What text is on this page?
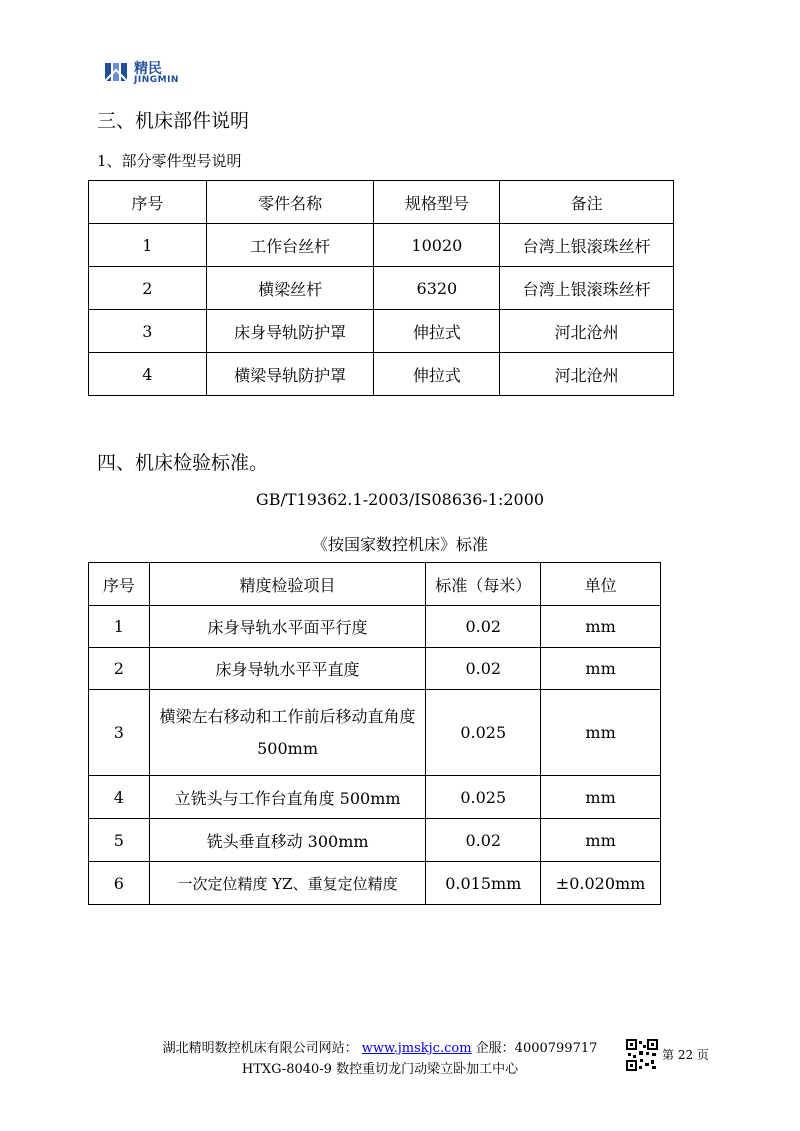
精民
JINGMIN
三、机床部件说明
1、部分零件型号说明
序号	零件名称	规格型号	备注
1	工作台丝杆	10020	台湾上银滚珠丝杆
2	横梁丝杆	6320	台湾上银滚珠丝杆
3	床身导轨防护罩	伸拉式	河北沧州
4	横梁导轨防护罩	伸拉式	河北沧州
四、机床检验标准。
GB/T19362.1-2003/IS08636-1:2000
《按国家数控机床》标准
序号	精度检验项目	标准（每米）	单位
1	床身导轨水平面平行度	0.02	mm
2	床身导轨水平平直度	0.02	mm
3	横梁左右移动和工作前后移动直角度 500mm	0.025	mm
4	立铣头与工作台直角度 500mm	0.025	mm
5	铣头垂直移动 300mm	0.02	mm
6	一次定位精度 YZ、重复定位精度	0.015mm	±0.020mm
湖北精明数控机床有限公司网站： www.jmskjc.com 企服：4000799717
HTXG-8040-9 数控重切龙门动梁立卧加工中心
第 22 页
